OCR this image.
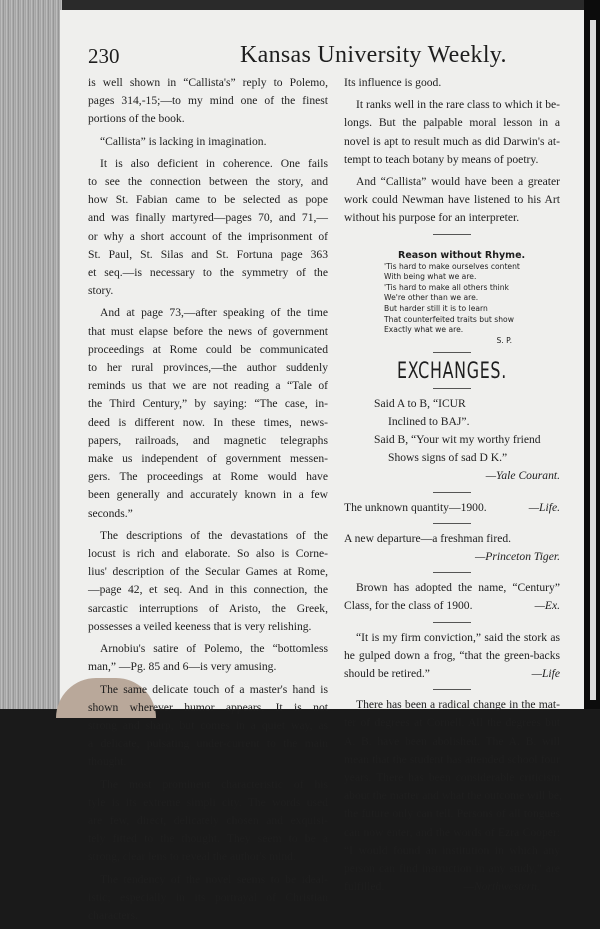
230	Kansas University Weekly.
is well shown in “Callista's” reply to Polemo,
pages 314,-15;—to my mind one of the finest
portions of the book.
“Callista” is lacking in imagination.
It is also deficient in coherence. One fails
to see the connection between the story, and
how St. Fabian came to be selected as pope
and was finally martyred—pages 70, and 71,—
or why a short account of the imprisonment of
St. Paul, St. Silas and St. Fortuna page 363
et seq.—is necessary to the symmetry of the
story.
And at page 73,—after speaking of the time
that must elapse before the news of government
proceedings at Rome could be communicated
to her rural provinces,—the author suddenly
reminds us that we are not reading a “Tale of
the Third Century,” by saying: “The case, in-
deed is different now. In these times, news-
papers, railroads, and magnetic telegraphs
make us independent of government messen-
gers. The proceedings at Rome would have
been generally and accurately known in a few
seconds.”
The descriptions of the devastations of the
locust is rich and elaborate. So also is Corne-
lius' description of the Secular Games at Rome,
—page 42, et seq. And in this connection, the
sarcastic interruptions of Aristo, the Greek,
possesses a veiled keeness that is very relishing.
Arnobiu's satire of Polemo, the “bottomless
man,” —Pg. 85 and 6—is very amusing.
The same delicate touch of a master's hand is
shown wherever humor appears. It is not
strong and sharp, but comes in a quiet way, as
a delicate, pulsating under-current to the main
thought.
The most prominent characteristic of his
tyle is its extreme simpli city. The words used
are few, direct, delicately chosen and exquisi-
tely fitted to the thought. They seem to be a
strong, clear lens to reveal the author's mind.
The tendency of the novel seems to be ideal-
istic; especially in its portrayal of Christian
characters.
Its influence is good.
It ranks well in the rare class to which it be-
longs. But the palpable moral lesson in a
novel is apt to result much as did Darwin's at-
tempt to teach botany by means of poetry.
And “Callista” would have been a greater
work could Newman have listened to his Art
without his purpose for an interpreter.
Reason without Rhyme.
'Tis hard to make ourselves content
With being what we are.
'Tis hard to make all others think
We're other than we are.
But harder still it is to learn
That counterfeited traits but show
Exactly what we are.
S. P.
EXCHANGES.
Said A to B, “ICUR
Inclined to BAJ”.
Said B, “Your wit my worthy friend
Shows signs of sad D K.”
—Yale Courant.
The unknown quantity—1900.	—Life.
A new departure—a freshman fired.
—Princeton Tiger.
Brown has adopted the name, “Century”
Class, for the class of 1900.	—Ex.
“It is my firm conviction,” said the stork as
he gulped down a frog, “that the green-backs
should be retired.”	—Life
There has been a radical change in the mat-
ter of degrees at Cornell. All the degrees but
A. B. have been abolished. The A. B. will
mean that the student has attended school four
years. There has been considerable criticism
about the matter and what the outcome will be,
the future only can tell. Persons of all tongues
can now enter, and the words of Ezra Cooper:
“I would found an institution in which any
person can find instruction in any study,” are
fulfilled.	—Northwestern.
